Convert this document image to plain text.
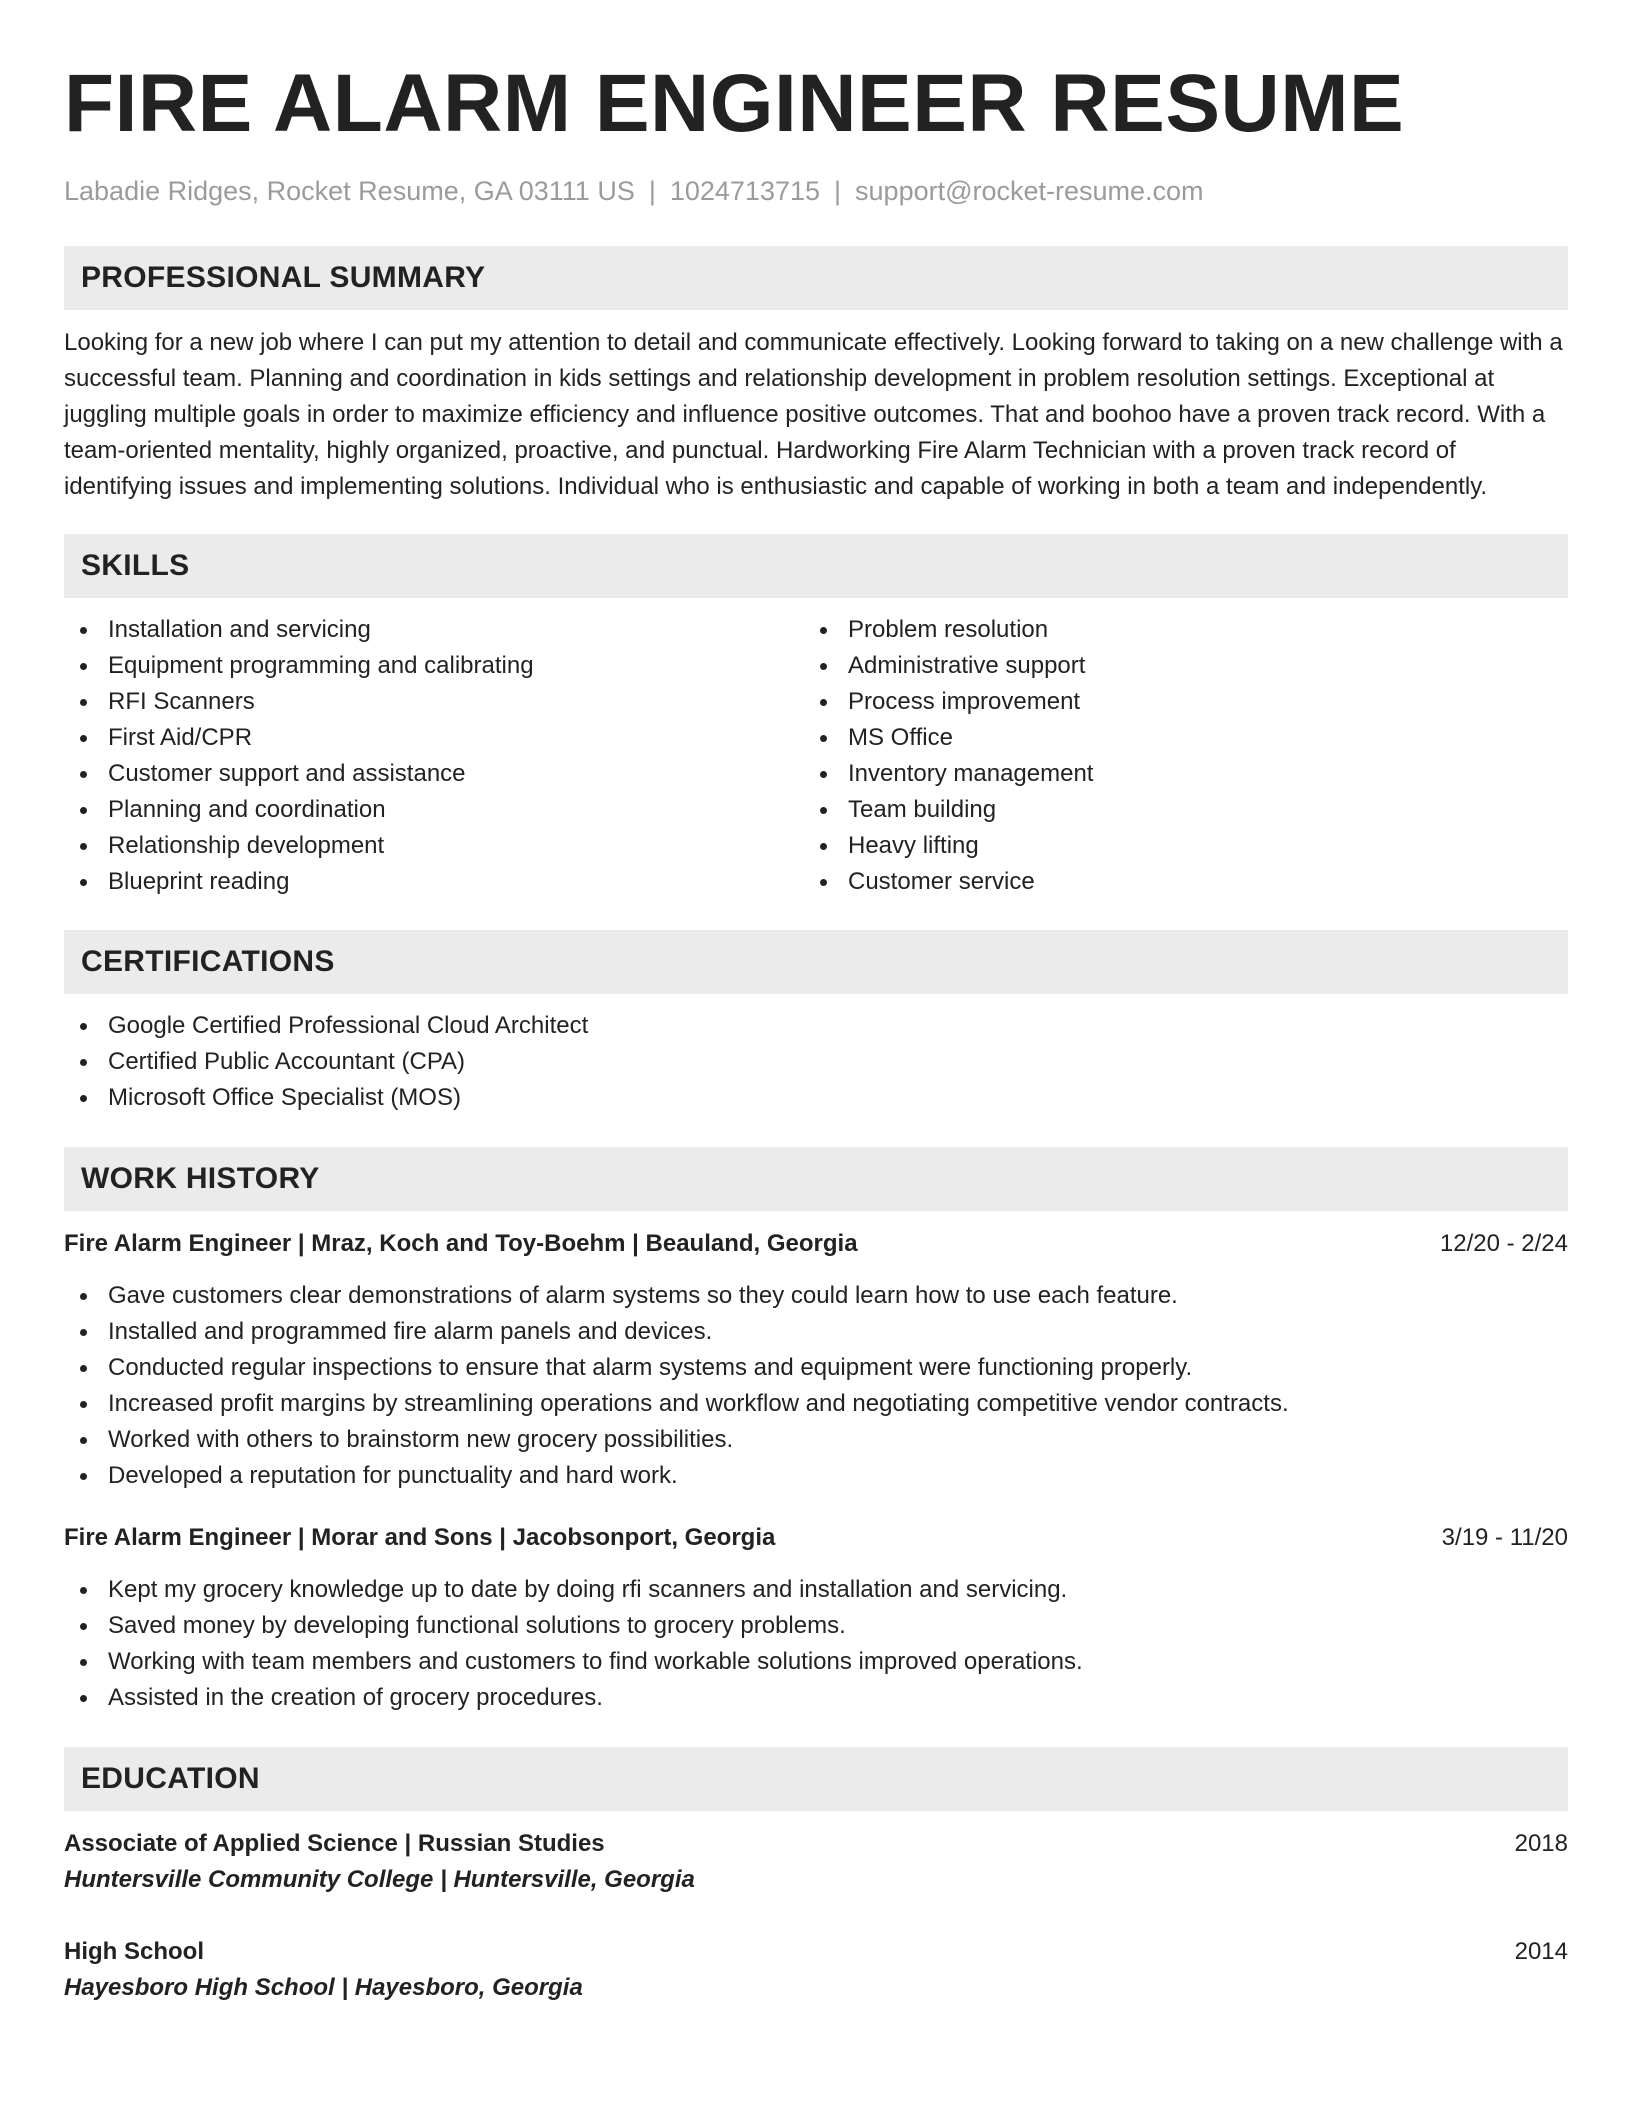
FIRE ALARM ENGINEER RESUME
Labadie Ridges, Rocket Resume, GA 03111 US | 1024713715 | support@rocket-resume.com
PROFESSIONAL SUMMARY
Looking for a new job where I can put my attention to detail and communicate effectively. Looking forward to taking on a new challenge with a successful team. Planning and coordination in kids settings and relationship development in problem resolution settings. Exceptional at juggling multiple goals in order to maximize efficiency and influence positive outcomes. That and boohoo have a proven track record. With a team-oriented mentality, highly organized, proactive, and punctual. Hardworking Fire Alarm Technician with a proven track record of identifying issues and implementing solutions. Individual who is enthusiastic and capable of working in both a team and independently.
SKILLS
Installation and servicing
Equipment programming and calibrating
RFI Scanners
First Aid/CPR
Customer support and assistance
Planning and coordination
Relationship development
Blueprint reading
Problem resolution
Administrative support
Process improvement
MS Office
Inventory management
Team building
Heavy lifting
Customer service
CERTIFICATIONS
Google Certified Professional Cloud Architect
Certified Public Accountant (CPA)
Microsoft Office Specialist (MOS)
WORK HISTORY
Fire Alarm Engineer | Mraz, Koch and Toy-Boehm | Beauland, Georgia	12/20 - 2/24
Gave customers clear demonstrations of alarm systems so they could learn how to use each feature.
Installed and programmed fire alarm panels and devices.
Conducted regular inspections to ensure that alarm systems and equipment were functioning properly.
Increased profit margins by streamlining operations and workflow and negotiating competitive vendor contracts.
Worked with others to brainstorm new grocery possibilities.
Developed a reputation for punctuality and hard work.
Fire Alarm Engineer | Morar and Sons | Jacobsonport, Georgia	3/19 - 11/20
Kept my grocery knowledge up to date by doing rfi scanners and installation and servicing.
Saved money by developing functional solutions to grocery problems.
Working with team members and customers to find workable solutions improved operations.
Assisted in the creation of grocery procedures.
EDUCATION
Associate of Applied Science | Russian Studies	2018
Huntersville Community College | Huntersville, Georgia
High School	2014
Hayesboro High School | Hayesboro, Georgia
